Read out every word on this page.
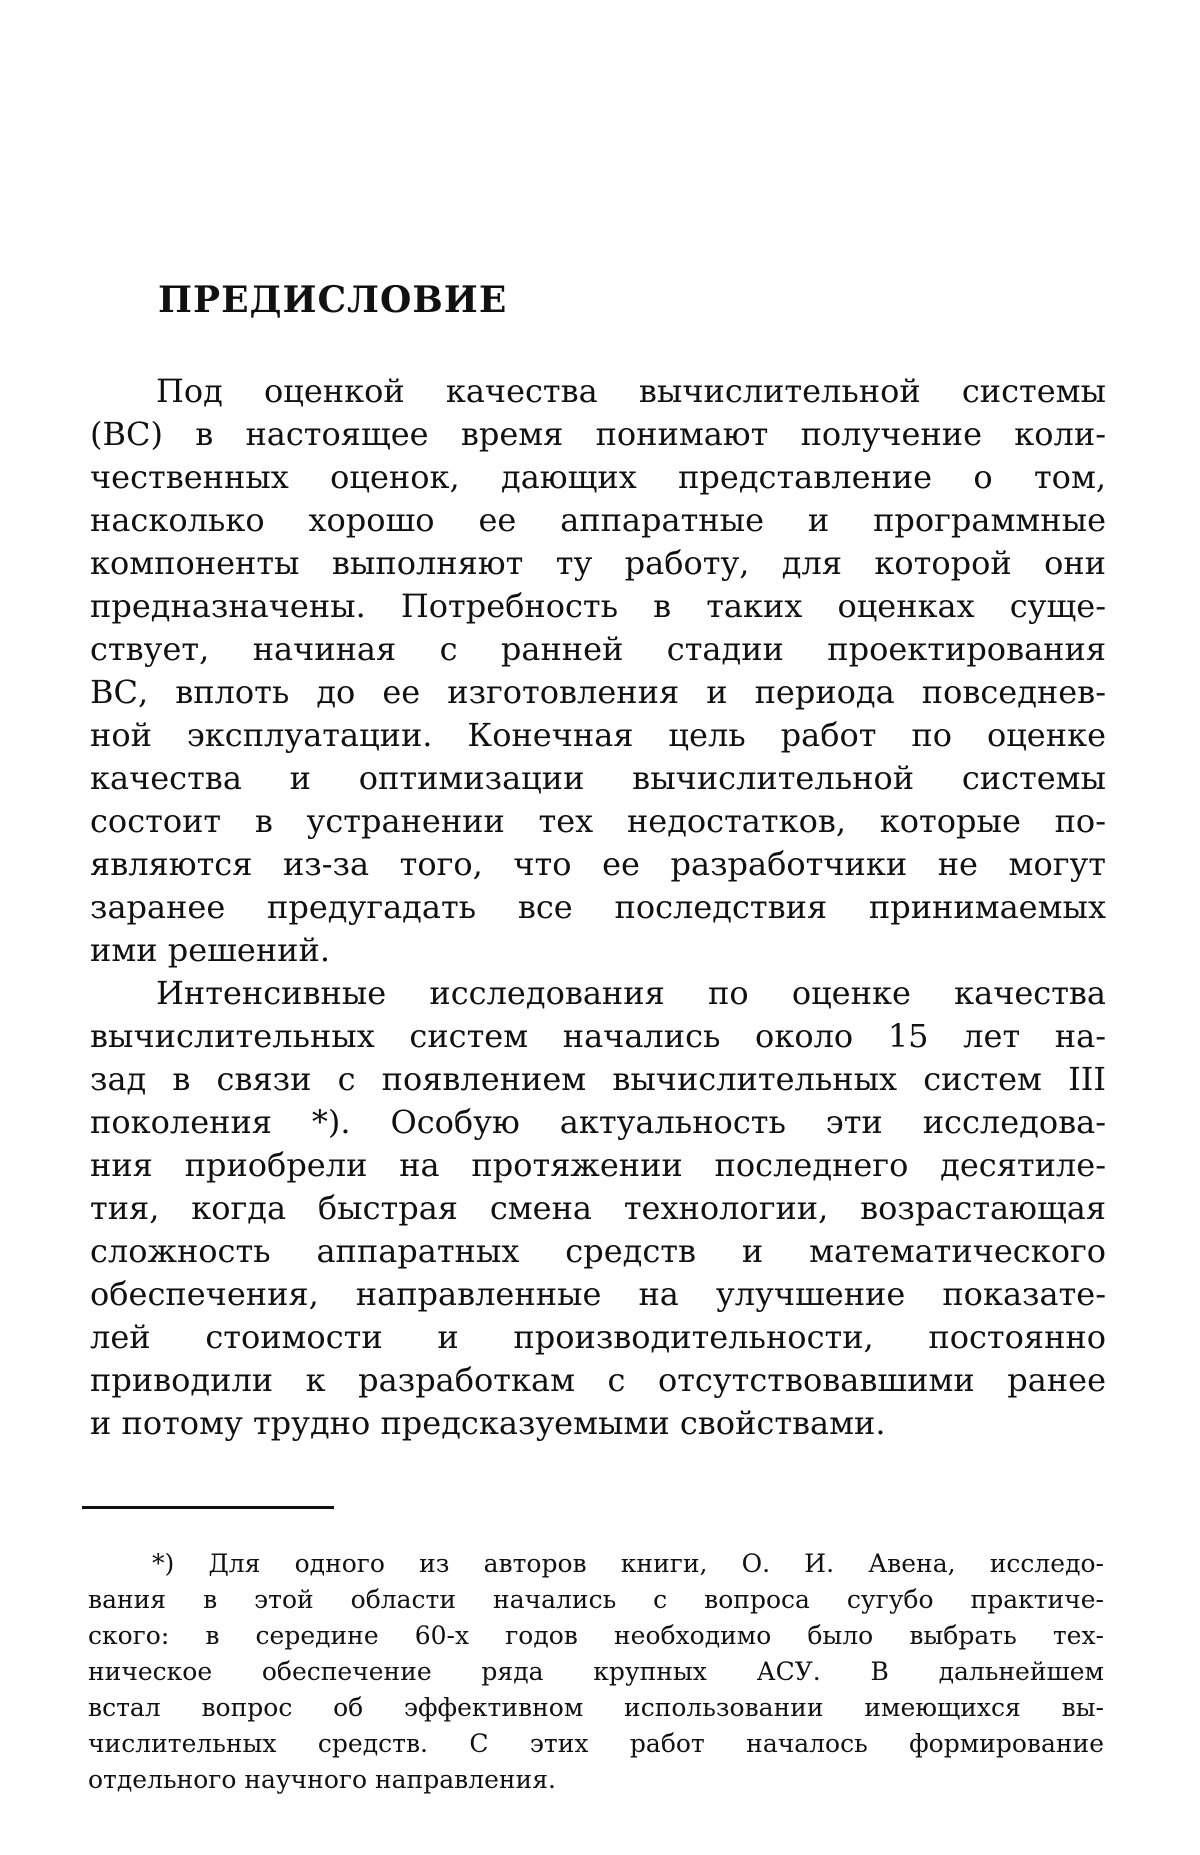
ПРЕДИСЛОВИЕ
Под оценкой качества вычислительной системы
(ВС) в настоящее время понимают получение коли-
чественных оценок, дающих представление о том,
насколько хорошо ее аппаратные и программные
компоненты выполняют ту работу, для которой они
предназначены. Потребность в таких оценках суще-
ствует, начиная с ранней стадии проектирования
ВС, вплоть до ее изготовления и периода повседнев-
ной эксплуатации. Конечная цель работ по оценке
качества и оптимизации вычислительной системы
состоит в устранении тех недостатков, которые по-
являются из-за того, что ее разработчики не могут
заранее предугадать все последствия принимаемых
ими решений.
Интенсивные исследования по оценке качества
вычислительных систем начались около 15 лет на-
зад в связи с появлением вычислительных систем III
поколения *). Особую актуальность эти исследова-
ния приобрели на протяжении последнего десятиле-
тия, когда быстрая смена технологии, возрастающая
сложность аппаратных средств и математического
обеспечения, направленные на улучшение показате-
лей стоимости и производительности, постоянно
приводили к разработкам с отсутствовавшими ранее
и потому трудно предсказуемыми свойствами.
*) Для одного из авторов книги, О. И. Авена, исследо-
вания в этой области начались с вопроса сугубо практиче-
ского: в середине 60-х годов необходимо было выбрать тех-
ническое обеспечение ряда крупных АСУ. В дальнейшем
встал вопрос об эффективном использовании имеющихся вы-
числительных средств. С этих работ началось формирование
отдельного научного направления.
